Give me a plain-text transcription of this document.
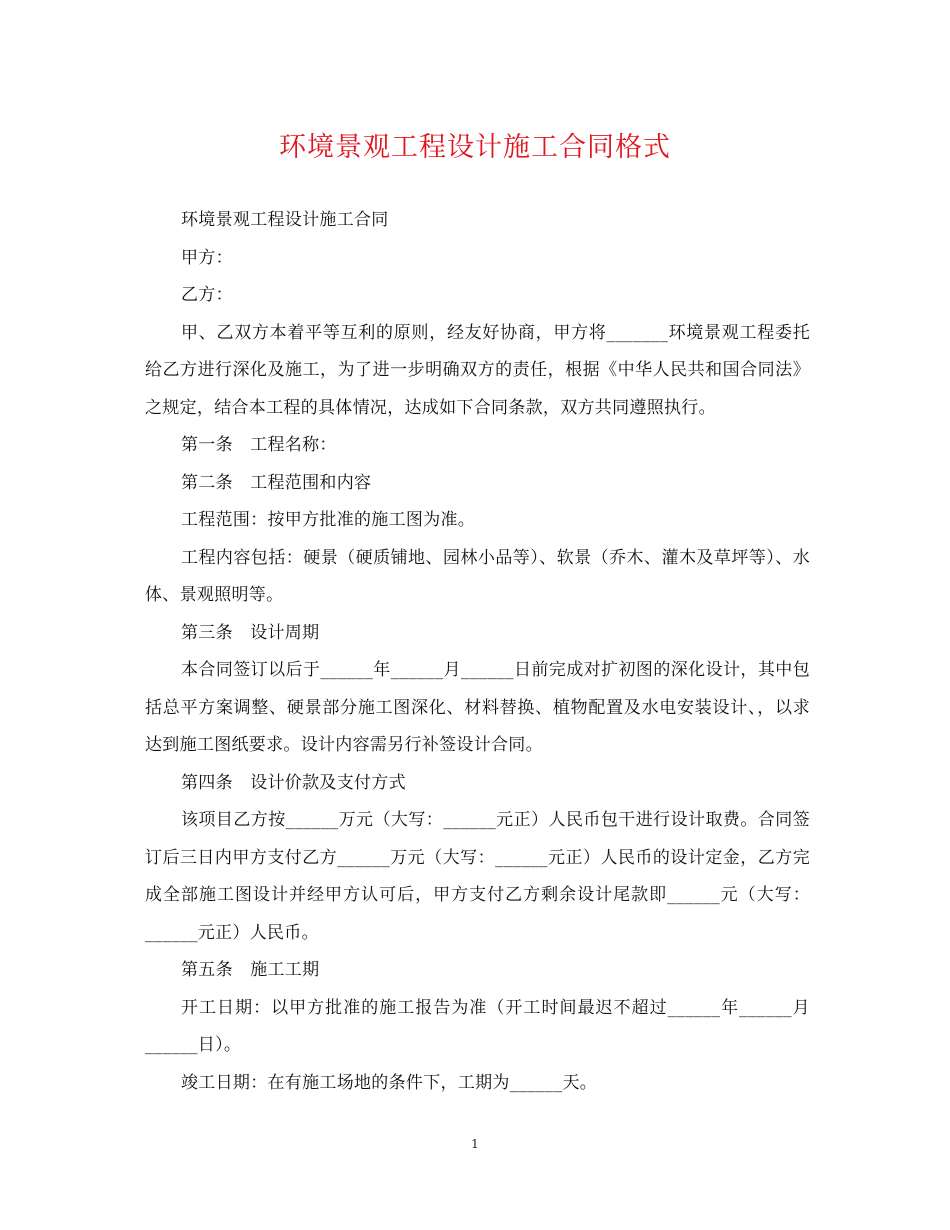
环境景观工程设计施工合同格式

环境景观工程设计施工合同

甲方：

乙方：

甲、乙双方本着平等互利的原则，经友好协商，甲方将_______环境景观工程委托给乙方进行深化及施工，为了进一步明确双方的责任，根据《中华人民共和国合同法》之规定，结合本工程的具体情况，达成如下合同条款，双方共同遵照执行。

第一条　工程名称：

第二条　工程范围和内容

工程范围：按甲方批准的施工图为准。

工程内容包括：硬景（硬质铺地、园林小品等）、软景（乔木、灌木及草坪等）、水体、景观照明等。

第三条　设计周期

本合同签订以后于______年______月______日前完成对扩初图的深化设计，其中包括总平方案调整、硬景部分施工图深化、材料替换、植物配置及水电安装设计、，以求达到施工图纸要求。设计内容需另行补签设计合同。

第四条　设计价款及支付方式

该项目乙方按______万元（大写：______元正）人民币包干进行设计取费。合同签订后三日内甲方支付乙方______万元（大写：______元正）人民币的设计定金，乙方完成全部施工图设计并经甲方认可后，甲方支付乙方剩余设计尾款即______元（大写：______元正）人民币。

第五条　施工工期

开工日期：以甲方批准的施工报告为准（开工时间最迟不超过______年______月______日）。

竣工日期：在有施工场地的条件下，工期为______天。

1
